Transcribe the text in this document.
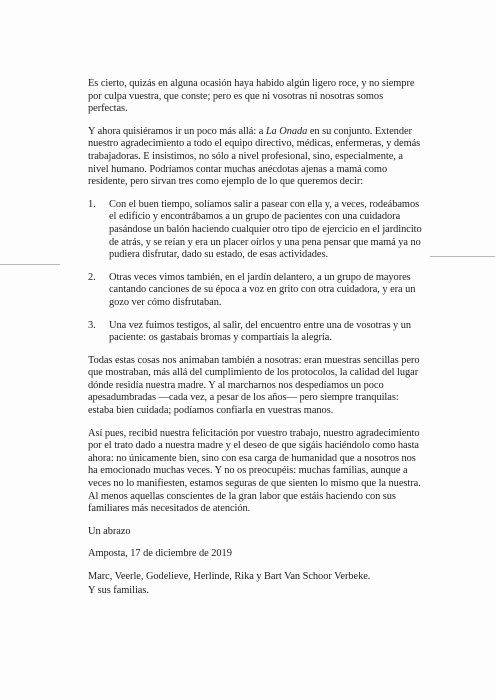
Es cierto, quizás en alguna ocasión haya habido algún ligero roce, y no siempre por culpa vuestra, que conste; pero es que ni vosotras ni nosotras somos perfectas.

Y ahora quisiéramos ir un poco más allá: a La Onada en su conjunto. Extender nuestro agradecimiento a todo el equipo directivo, médicas, enfermeras, y demás trabajadoras. E insistimos, no sólo a nivel profesional, sino, especialmente, a nivel humano. Podríamos contar muchas anécdotas ajenas a mamá como residente, pero sirvan tres como ejemplo de lo que queremos decir:

1. Con el buen tiempo, solíamos salir a pasear con ella y, a veces, rodeábamos el edificio y encontrábamos a un grupo de pacientes con una cuidadora pasándose un balón haciendo cualquier otro tipo de ejercicio en el jardincito de atrás, y se reían y era un placer oírlos y una pena pensar que mamá ya no pudiera disfrutar, dado su estado, de esas actividades.
2. Otras veces vimos también, en el jardín delantero, a un grupo de mayores cantando canciones de su época a voz en grito con otra cuidadora, y era un gozo ver cómo disfrutaban.
3. Una vez fuimos testigos, al salir, del encuentro entre una de vosotras y un paciente: os gastabais bromas y compartíais la alegría.

Todas estas cosas nos animaban también a nosotras: eran muestras sencillas pero que mostraban, más allá del cumplimiento de los protocolos, la calidad del lugar dónde residía nuestra madre. Y al marcharnos nos despedíamos un poco apesadumbradas —cada vez, a pesar de los años— pero siempre tranquilas: estaba bien cuidada; podíamos confiarla en vuestras manos.

Así pues, recibid nuestra felicitación por vuestro trabajo, nuestro agradecimiento por el trato dado a nuestra madre y el deseo de que sigáis haciéndolo como hasta ahora: no únicamente bien, sino con esa carga de humanidad que a nosotros nos ha emocionado muchas veces. Y no os preocupéis: muchas familias, aunque a veces no lo manifiesten, estamos seguras de que sienten lo mismo que la nuestra. Al menos aquellas conscientes de la gran labor que estáis haciendo con sus familiares más necesitados de atención.

Un abrazo

Amposta, 17 de diciembre de 2019

Marc, Veerle, Godelieve, Herlinde, Rika y Bart Van Schoor Verbeke.

Y sus familias.
